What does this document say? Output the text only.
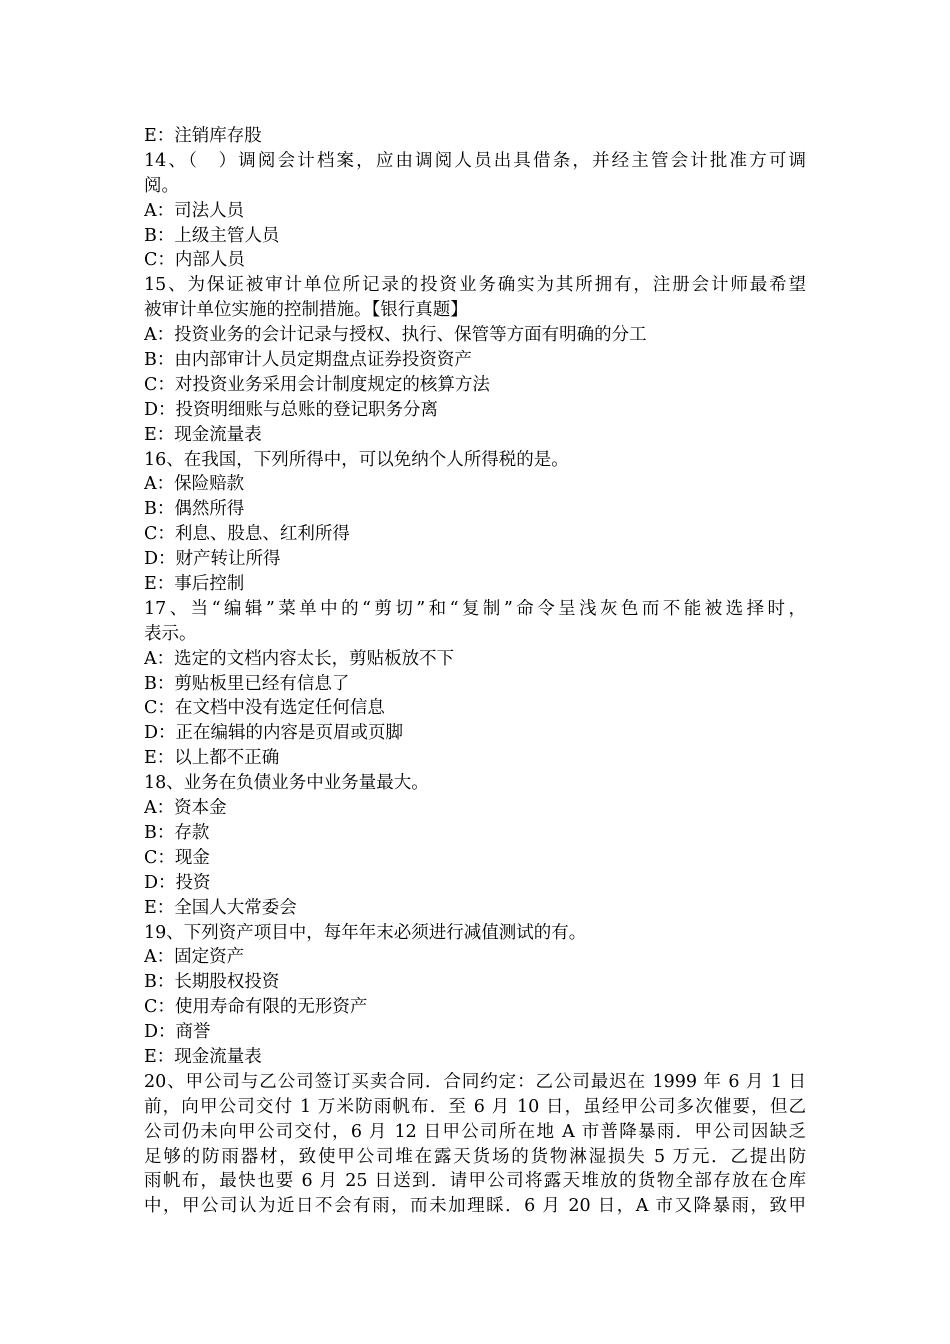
E：注销库存股
14、（　）调阅会计档案，应由调阅人员出具借条，并经主管会计批准方可调
阅。
A：司法人员
B：上级主管人员
C：内部人员
15、为保证被审计单位所记录的投资业务确实为其所拥有，注册会计师最希望
被审计单位实施的控制措施。【银行真题】
A：投资业务的会计记录与授权、执行、保管等方面有明确的分工
B：由内部审计人员定期盘点证券投资资产
C：对投资业务采用会计制度规定的核算方法
D：投资明细账与总账的登记职务分离
E：现金流量表
16、在我国，下列所得中，可以免纳个人所得税的是。
A：保险赔款
B：偶然所得
C：利息、股息、红利所得
D：财产转让所得
E：事后控制
17、当“编辑”菜单中的“剪切”和“复制”命令呈浅灰色而不能被选择时，
表示。
A：选定的文档内容太长，剪贴板放不下
B：剪贴板里已经有信息了
C：在文档中没有选定任何信息
D：正在编辑的内容是页眉或页脚
E：以上都不正确
18、业务在负债业务中业务量最大。
A：资本金
B：存款
C：现金
D：投资
E：全国人大常委会
19、下列资产项目中，每年年末必须进行减值测试的有。
A：固定资产
B：长期股权投资
C：使用寿命有限的无形资产
D：商誉
E：现金流量表
20、甲公司与乙公司签订买卖合同．合同约定：乙公司最迟在 1999 年 6 月 1 日
前，向甲公司交付 1 万米防雨帆布．至 6 月 10 日，虽经甲公司多次催要，但乙
公司仍未向甲公司交付，6 月 12 日甲公司所在地 A 市普降暴雨．甲公司因缺乏
足够的防雨器材，致使甲公司堆在露天货场的货物淋湿损失 5 万元．乙提出防
雨帆布，最快也要 6 月 25 日送到．请甲公司将露天堆放的货物全部存放在仓库
中，甲公司认为近日不会有雨，而未加理睬．6 月 20 日，A 市又降暴雨，致甲
